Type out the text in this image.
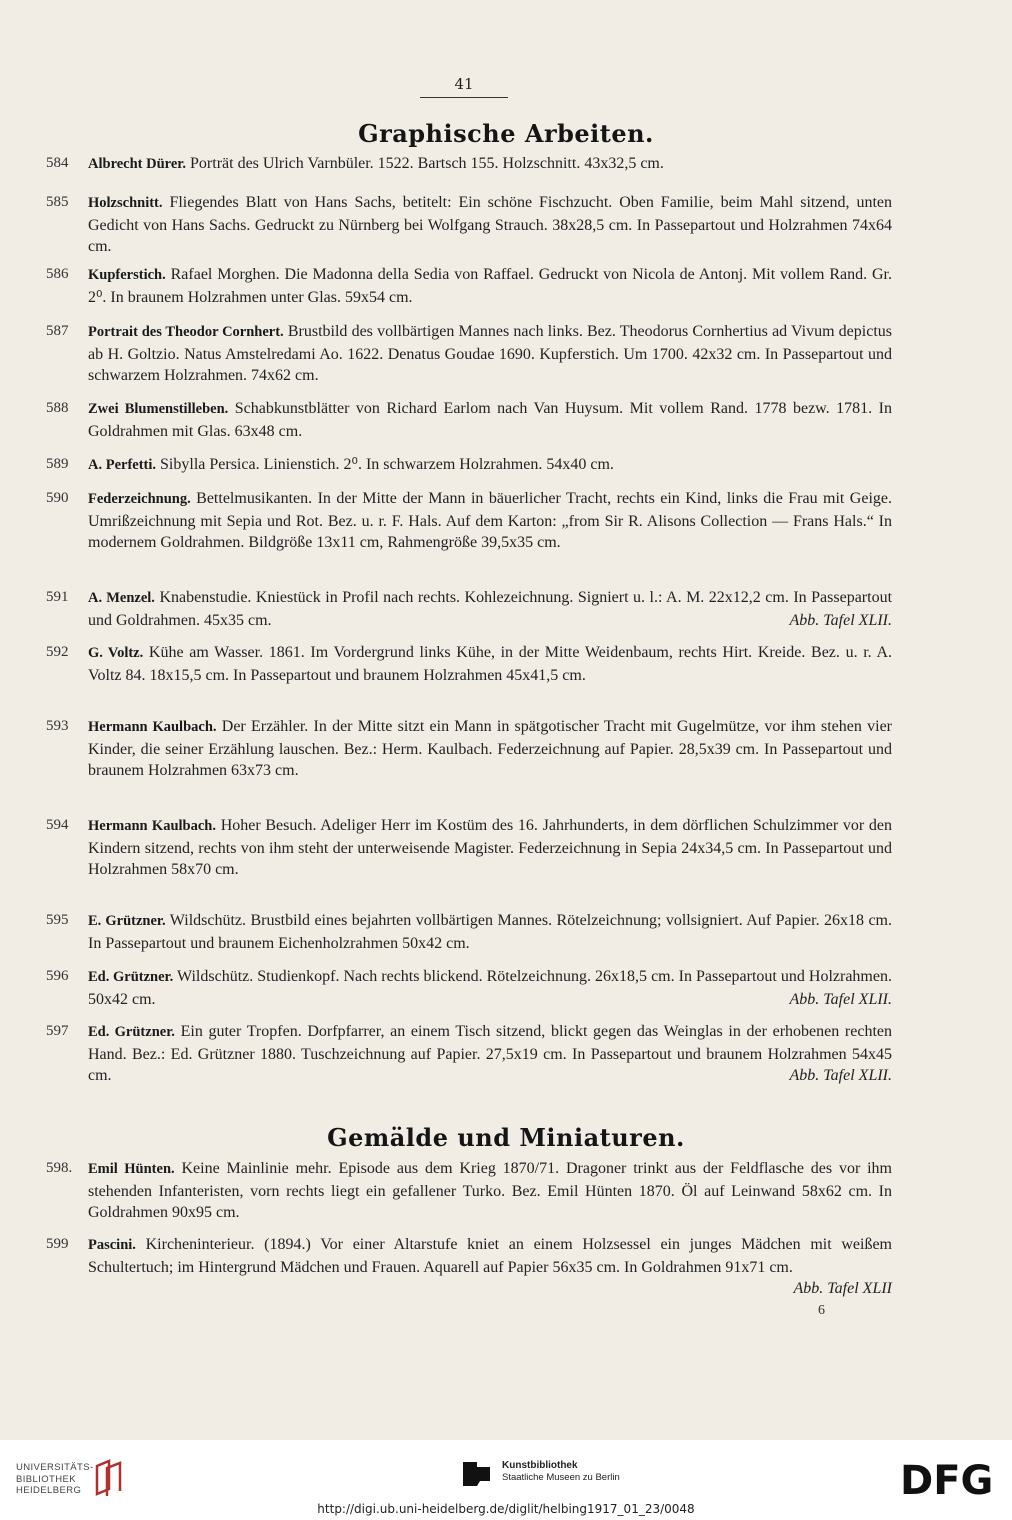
41
Graphische Arbeiten.
584	Albrecht Dürer. Porträt des Ulrich Varnbüler. 1522. Bartsch 155. Holzschnitt. 43x32,5 cm.
585	Holzschnitt. Fliegendes Blatt von Hans Sachs, betitelt: Ein schöne Fischzucht. Oben Familie, beim Mahl sitzend, unten Gedicht von Hans Sachs. Gedruckt zu Nürnberg bei Wolfgang Strauch. 38x28,5 cm. In Passepartout und Holzrahmen 74x64 cm.
586	Kupferstich. Rafael Morghen. Die Madonna della Sedia von Raffael. Gedruckt von Nicola de Antonj. Mit vollem Rand. Gr. 2⁰. In braunem Holzrahmen unter Glas. 59x54 cm.
587	Portrait des Theodor Cornhert. Brustbild des vollbärtigen Mannes nach links. Bez. Theodorus Cornhertius ad Vivum depictus ab H. Goltzio. Natus Amstelredami Ao. 1622. Denatus Goudae 1690. Kupferstich. Um 1700. 42x32 cm. In Passepartout und schwarzem Holzrahmen. 74x62 cm.
588	Zwei Blumenstilleben. Schabkunstblätter von Richard Earlom nach Van Huysum. Mit vollem Rand. 1778 bezw. 1781. In Goldrahmen mit Glas. 63x48 cm.
589	A. Perfetti. Sibylla Persica. Linienstich. 2⁰. In schwarzem Holzrahmen. 54x40 cm.
590	Federzeichnung. Bettelmusikanten. In der Mitte der Mann in bäuerlicher Tracht, rechts ein Kind, links die Frau mit Geige. Umrißzeichnung mit Sepia und Rot. Bez. u. r. F. Hals. Auf dem Karton: „from Sir R. Alisons Collection — Frans Hals.“ In modernem Goldrahmen. Bildgröße 13x11 cm, Rahmengröße 39,5x35 cm.
591	A. Menzel. Knabenstudie. Kniestück in Profil nach rechts. Kohlezeichnung. Signiert u. l.: A. M. 22x12,2 cm. In Passepartout und Goldrahmen. 45x35 cm.	Abb. Tafel XLII.
592	G. Voltz. Kühe am Wasser. 1861. Im Vordergrund links Kühe, in der Mitte Weidenbaum, rechts Hirt. Kreide. Bez. u. r. A. Voltz 84. 18x15,5 cm. In Passepartout und braunem Holzrahmen 45x41,5 cm.
593	Hermann Kaulbach. Der Erzähler. In der Mitte sitzt ein Mann in spätgotischer Tracht mit Gugelmütze, vor ihm stehen vier Kinder, die seiner Erzählung lauschen. Bez.: Herm. Kaulbach. Federzeichnung auf Papier. 28,5x39 cm. In Passepartout und braunem Holzrahmen 63x73 cm.
594	Hermann Kaulbach. Hoher Besuch. Adeliger Herr im Kostüm des 16. Jahrhunderts, in dem dörflichen Schulzimmer vor den Kindern sitzend, rechts von ihm steht der unterweisende Magister. Federzeichnung in Sepia 24x34,5 cm. In Passepartout und Holzrahmen 58x70 cm.
595	E. Grützner. Wildschütz. Brustbild eines bejahrten vollbärtigen Mannes. Rötelzeichnung; vollsigniert. Auf Papier. 26x18 cm. In Passepartout und braunem Eichenholzrahmen 50x42 cm.
596	Ed. Grützner. Wildschütz. Studienkopf. Nach rechts blickend. Rötelzeichnung. 26x18,5 cm. In Passepartout und Holzrahmen. 50x42 cm.	Abb. Tafel XLII.
597	Ed. Grützner. Ein guter Tropfen. Dorfpfarrer, an einem Tisch sitzend, blickt gegen das Weinglas in der erhobenen rechten Hand. Bez.: Ed. Grützner 1880. Tuschzeichnung auf Papier. 27,5x19 cm. In Passepartout und braunem Holzrahmen 54x45 cm.	Abb. Tafel XLII.
Gemälde und Miniaturen.
598.	Emil Hünten. Keine Mainlinie mehr. Episode aus dem Krieg 1870/71. Dragoner trinkt aus der Feldflasche des vor ihm stehenden Infanteristen, vorn rechts liegt ein gefallener Turko. Bez. Emil Hünten 1870. Öl auf Leinwand 58x62 cm. In Goldrahmen 90x95 cm.
599	Pascini. Kircheninterieur. (1894.) Vor einer Altarstufe kniet an einem Holzsessel ein junges Mädchen mit weißem Schultertuch; im Hintergrund Mädchen und Frauen. Aquarell auf Papier 56x35 cm. In Goldrahmen 91x71 cm.
Abb. Tafel XLII
6
UNIVERSITÄTS-
BIBLIOTHEK
HEIDELBERG
Kunstbibliothek
Staatliche Museen zu Berlin	DFG
http://digi.ub.uni-heidelberg.de/diglit/helbing1917_01_23/0048
